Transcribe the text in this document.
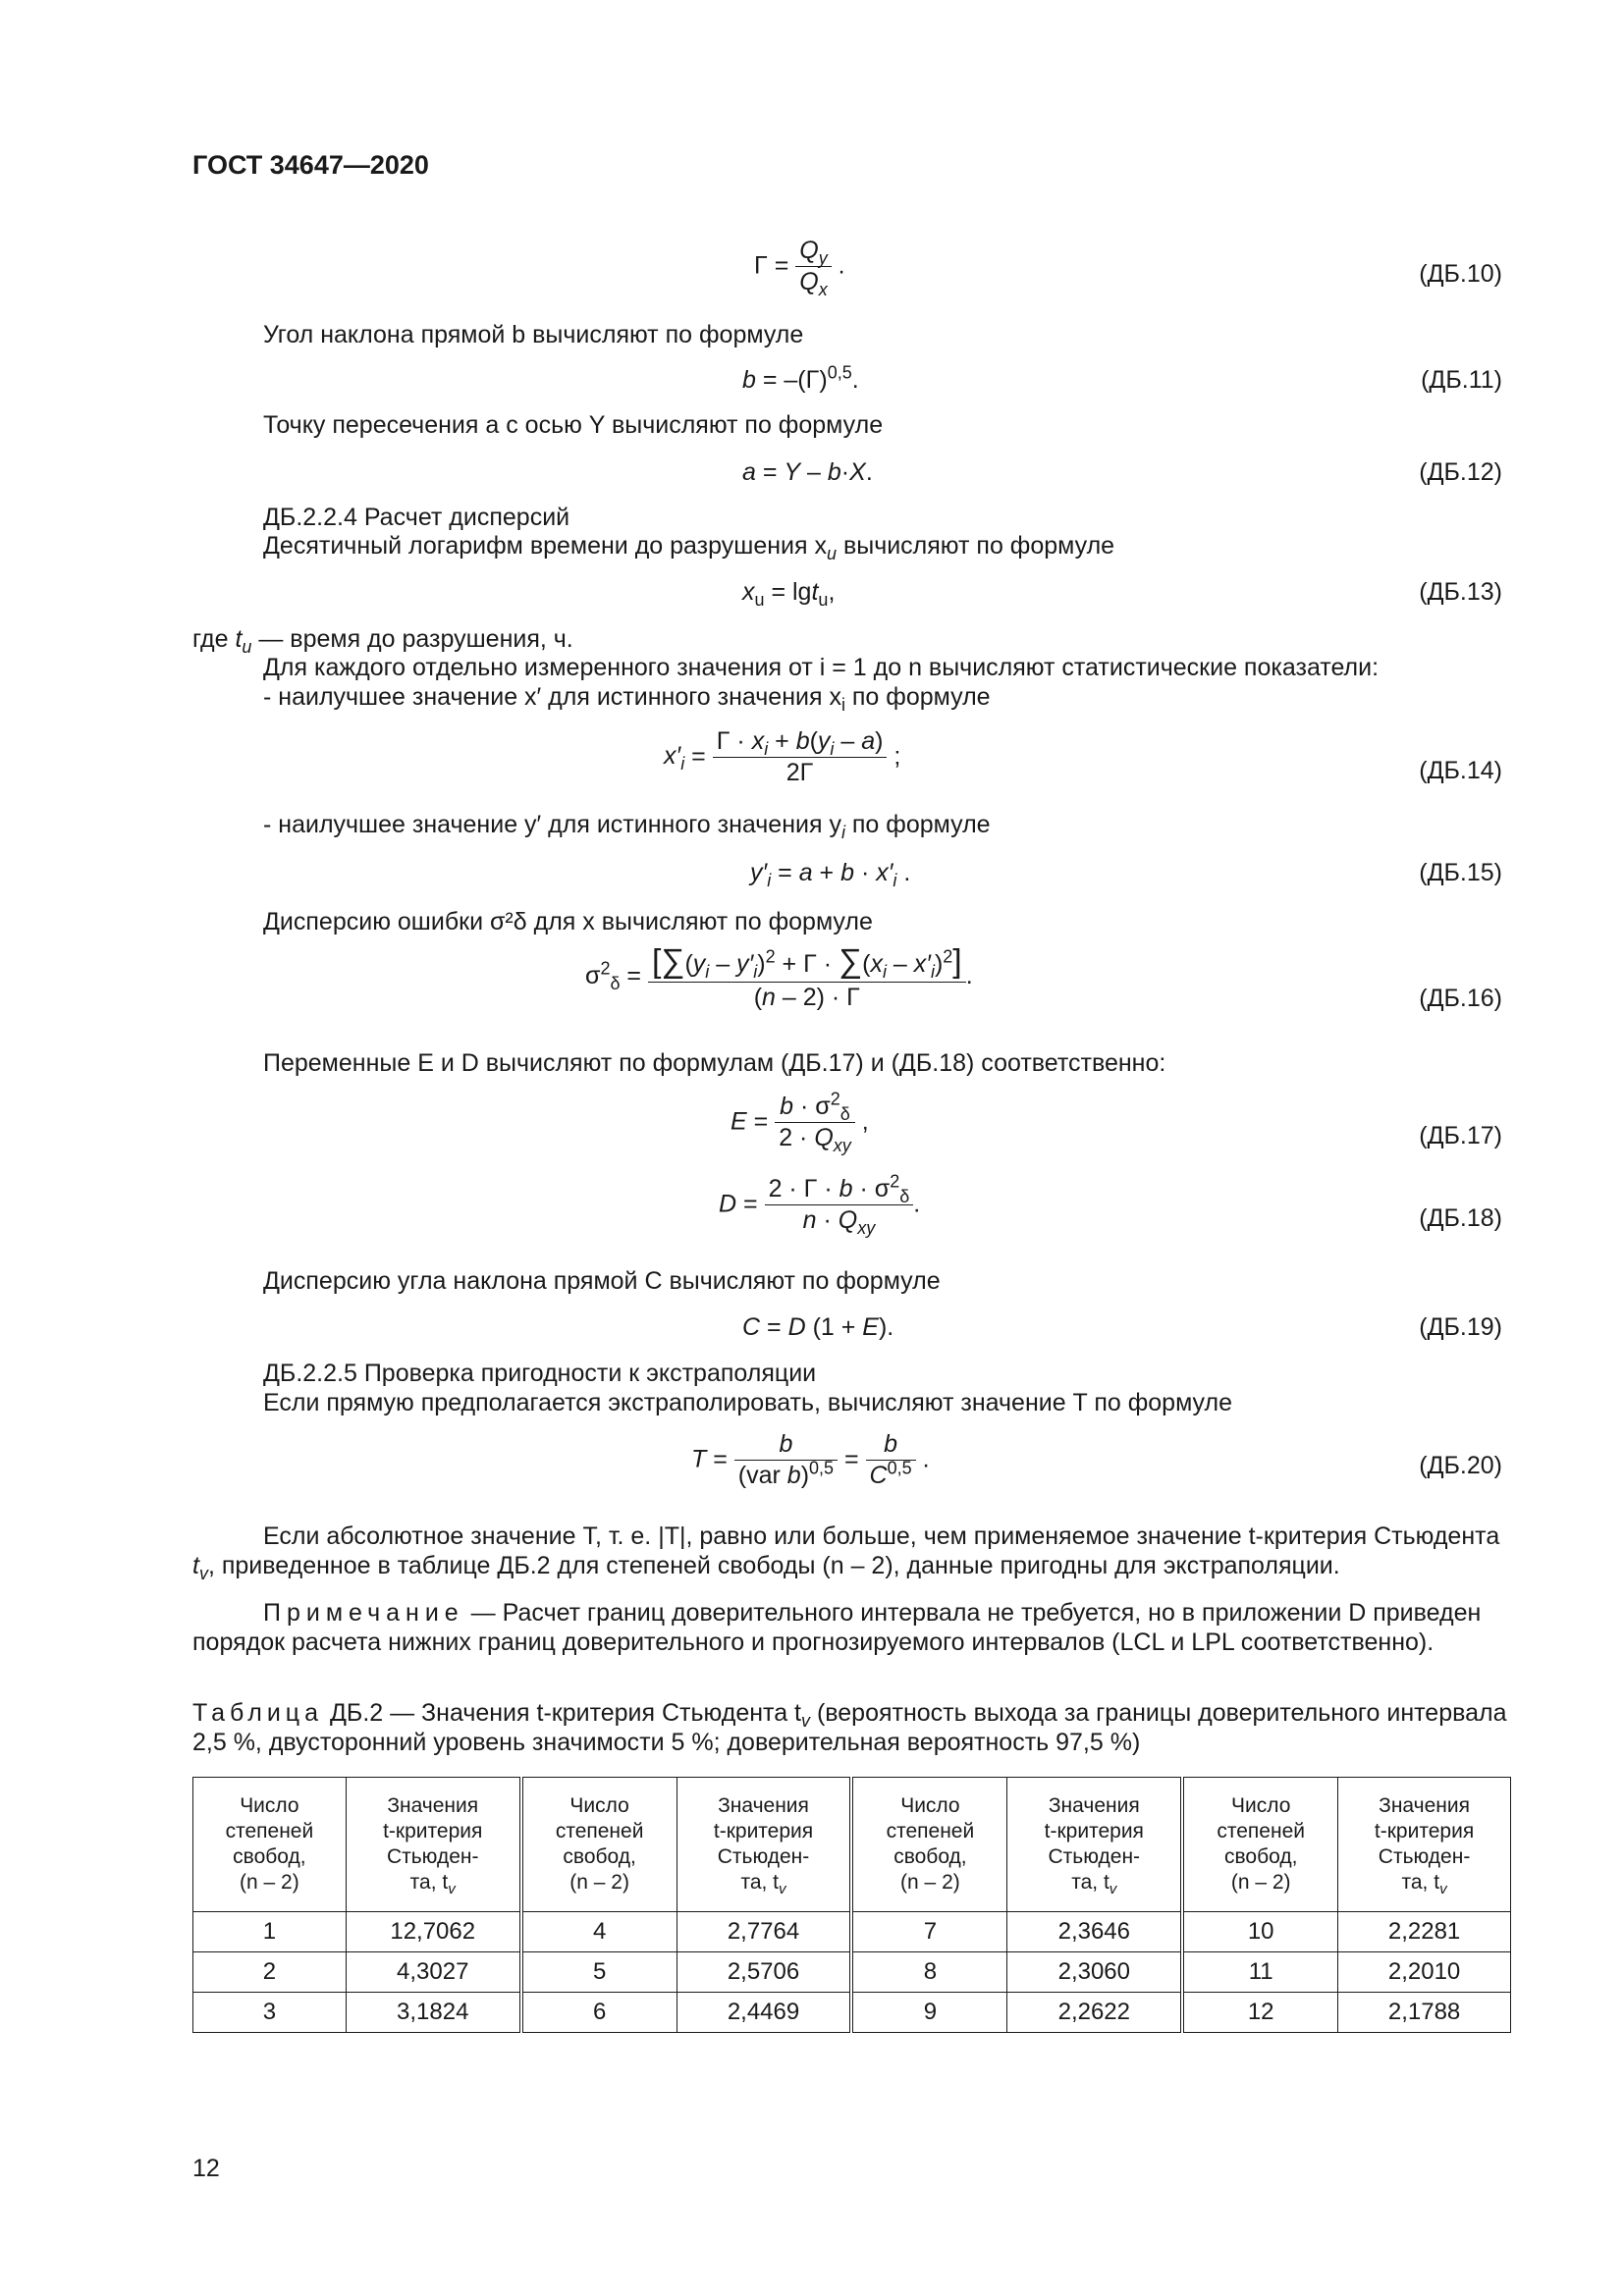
ГОСТ 34647—2020
$\Gamma = \frac{Q_y}{Q_x}$ .	(ДБ.10)
Угол наклона прямой b вычисляют по формуле
$b = -(\Gamma)^{0,5}$.	(ДБ.11)
Точку пересечения a с осью Y вычисляют по формуле
a = Y – b·X.	(ДБ.12)
ДБ.2.2.4 Расчет дисперсий
Десятичный логарифм времени до разрушения $x_u$ вычисляют по формуле
$x_u = \lg t_u$,	(ДБ.13)
где $t_u$ — время до разрушения, ч.
Для каждого отдельно измеренного значения от i = 1 до n вычисляют статистические показатели:
- наилучшее значение x′ для истинного значения $x_i$ по формуле
$x'_i = \frac{\Gamma \cdot x_i + b(y_i - a)}{2\Gamma}$ ;
(ДБ.14)
- наилучшее значение y′ для истинного значения $y_i$ по формуле
$y'_i = a + b \cdot x'_i$ .	(ДБ.15)
Дисперсию ошибки σ²δ для x вычисляют по формуле
$\sigma^2_\delta = \frac{[\sum(y_i - y'_i)^2 + \Gamma \cdot \sum(x_i - x'_i)^2]}{(n - 2) \cdot \Gamma}$ .
(ДБ.16)
Переменные E и D вычисляют по формулам (ДБ.17) и (ДБ.18) соответственно:
$E = \frac{b \cdot \sigma^2_\delta}{2 \cdot Q_{xy}}$ ,
(ДБ.17)
$D = \frac{2 \cdot \Gamma \cdot b \cdot \sigma^2_\delta}{n \cdot Q_{xy}}$ .
(ДБ.18)
Дисперсию угла наклона прямой C вычисляют по формуле
C = D (1 + E).	(ДБ.19)
ДБ.2.2.5 Проверка пригодности к экстраполяции
Если прямую предполагается экстраполировать, вычисляют значение T по формуле
$T = \frac{b}{(var b)^{0,5}} = \frac{b}{C^{0,5}}$ .	(ДБ.20)
Если абсолютное значение T, т. е. |T|, равно или больше, чем применяемое значение t-критерия Стьюдента
$t_v$, приведенное в таблице ДБ.2 для степеней свободы (n – 2), данные пригодны для экстраполяции.
Примечание — Расчет границ доверительного интервала не требуется, но в приложении D приведен
порядок расчета нижних границ доверительного и прогнозируемого интервалов (LCL и LPL соответственно).
Таблица ДБ.2 — Значения t-критерия Стьюдента $t_v$ (вероятность выхода за границы доверительного интервала
2,5 %, двусторонний уровень значимости 5 %; доверительная вероятность 97,5 %)
Число
степеней
свобод,
(n – 2)	Значения
t-критерия
Стьюден-
та, $t_v$	Число
степеней
свобод,
(n – 2)	Значения
t-критерия
Стьюден-
та, $t_v$	Число
степеней
свобод,
(n – 2)	Значения
t-критерия
Стьюден-
та, $t_v$	Число
степеней
свобод,
(n – 2)	Значения
t-критерия
Стьюден-
та, $t_v$
1	12,7062	4	2,7764	7	2,3646	10	2,2281
2	4,3027	5	2,5706	8	2,3060	11	2,2010
3	3,1824	6	2,4469	9	2,2622	12	2,1788
12
